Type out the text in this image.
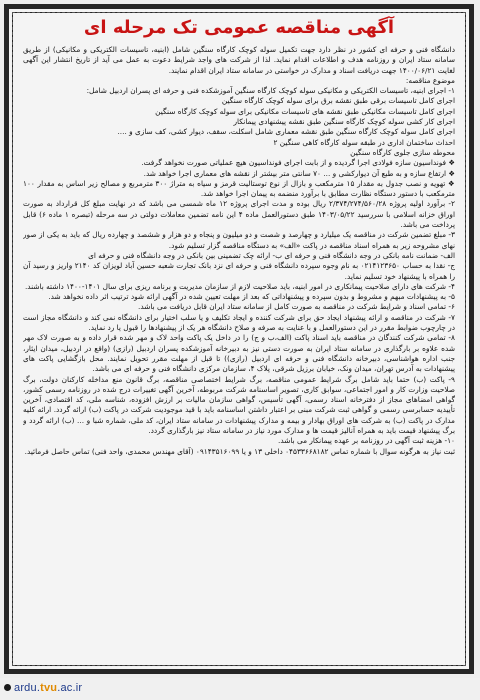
آگهی مناقصه عمومی تک مرحله ای

دانشگاه فنی و حرفه ای کشور در نظر دارد جهت تکمیل سوله کوچک کارگاه سنگین شامل (ابنیه، تاسیسات الکتریکی و مکانیکی) از طریق سامانه ستاد ایران و روزنامه هدف و اطلاعات اقدام نماید. لذا از شرکت های واجد شرایط دعوت به عمل می آید از تاریخ انتشار این آگهی لغایت ۱۴۰۰/۰۶/۲۱ جهت دریافت اسناد و مدارک در خواستی در سامانه ستاد ایران اقدام نمایند.

موضوع مناقصه:

۱- اجرای ابنیه، تاسیسات الکتریکی و مکانیکی سوله کوچک کارگاه سنگین آموزشکده فنی و حرفه ای پسران اردبیل شامل:

اجرای کامل تاسیسات برقی طبق نقشه برق برای سوله کوچک کارگاه سنگین

اجرای کامل تاسیسات مکانیکی طبق نقشه های تاسیسات مکانیکی برای سوله کوچک کارگاه سنگین

اجرای کار کشی سوله کوچک کارگاه سنگین طبق نقشه پیشنهادی پیمانکار

اجرای کامل سوله کوچک کارگاه سنگین طبق نقشه معماری شامل اسکلت، سقف، دیوار کشی، کف سازی و ....

احداث ساختمان اداری در طبقه سوله کارگاه کاهی سنگین ۲

محوطه سازی جلوی کارگاه سنگین

❖ فونداسیون سازه فولادی اجرا گردیده و از بابت اجرای فونداسیون هیچ عملیاتی صورت نخواهد گرفت.

❖ ارتفاع سازه و به طبع آن دیوارکشی و ... ۷۰ سانتی متر بیشتر از نقشه های معماری اجرا خواهد شد.

❖ تهویه و نصب جدول به مقدار ۱۵ مترمکعب و بازال از نوع توستالیت قرمز و سیاه به متراژ ۳۰۰ مترمربع و مصالح زیر اساس به مقدار ۱۰۰ مترمکعب با دستور دستگاه نظارت مطابق با برآورد منضمه به پیمان اجرا خواهد شد.

۲- برآورد اولیه پروژه ۲/۳۷۴/۲۷۴/۵۶۰/۲۸ ریال بوده و مدت اجرای پروژه ۱۲ ماه شمسی می باشد که در نهایت مبلغ کل قرارداد به صورت اوراق خزانه اسلامی با سررسید ۱۴۰۳/۰۵/۲۲ طبق دستورالعمل ماده ۴ این نامه تضمین معاملات دولتی در سه مرحله (تبصره ۱ ماده ۶) قابل پرداخت می باشد.

۳- مبلغ تضمین شرکت در مناقصه یک میلیارد و چهارصد و شصت و دو میلیون و پنجاه و دو هزار و ششصد و چهارده ریال که باید به یکی از صور نهای مشروحه زیر به همراه اسناد مناقصه در پاکت «الف» به دستگاه مناقصه گزار تسلیم شود.

الف- ضمانت نامه بانکی در وجه دانشگاه فنی و حرفه ای ب- ارائه چک تضمینی بین بانکی در وجه دانشگاه فنی و حرفه ای

ج- نقدا به حساب ۰۲۱۴۱۲۳۶۵۰ به نام وجوه سپرده دانشگاه فنی و حرفه ای نزد بانک تجارت شعبه حسین آباد لویزان کد ۲۱۴۰ واریز و رسید آن را همراه با پیشنهاد خود تسلیم نماید.

۴- شرکت های دارای صلاحیت پیمانکاری در امور ابنیه، باید صلاحیت لازم از سازمان مدیریت و برنامه ریزی برای سال ۱۴۰۱-۱۴۰۰ داشته باشند.

۵- به پیشنهادات مبهم و مشروط و بدون سپرده و پیشنهاداتی که بعد از مهلت تعیین شده در آگهی ارائه شود ترتیب اثر داده نخواهد شد.

۶- تمامی اسناد و شرایط شرکت در مناقصه به صورت کامل از سامانه ستاد ایران قابل دریافت می باشد.

۷- شرکت در مناقصه و ارائه پیشنهاد ایجاد حق برای شرکت کننده و ایجاد تکلیف و یا سلب اختیار برای دانشگاه نمی کند و دانشگاه مجاز است در چارچوب ضوابط مقرر در این دستورالعمل و با عنایت به صرفه و صلاح دانشگاه هر یک از پیشنهادها را قبول یا رد نماید.

۸- تمامی شرکت کنندگان در مناقصه باید اسناد پاکت (الف،ب و ج) را در داخل یک پاکت واحد لاک و مهر شده قرار داده و به صورت لاک مهر شده علاوه بر بارگذاری در سامانه ستاد ایران به صورت دستی نیز به دبیرخانه آموزشکده پسران اردبیل (رازی) (واقع در اردبیل، میدان ایثار، جنب اداره هواشناسی، دبیرخانه دانشگاه فنی و حرفه ای اردبیل (رازی)) تا قبل از مهلت مقرر تحویل نمایند. محل بازگشایی پاکت های پیشنهادات به آدرس تهران، میدان ونک، خیابان برزیل شرقی، پلاک ۴، سازمان مرکزی دانشگاه فنی و حرفه ای می باشد.

۹- پاکت (ب) حتما باید شامل برگ شرایط عمومی مناقصه، برگ شرایط اختصاصی مناقصه، برگ قانون منع مداخله کارکنان دولت، برگ صلاحیت وزارت کار و امور اجتماعی، سوابق کاری، تصویر اساسنامه شرکت مربوطه، آخرین آگهی تغییرات درج شده در روزنامه رسمی کشور، گواهی امضاهای مجاز از دفترخانه اسناد رسمی، آگهی تأسیس، گواهی سازمان مالیات بر ارزش افزوده، شناسه ملی، کد اقتصادی، آخرین تأییدیه حسابرسی رسمی و گواهی ثبت شرکت مبنی بر اعتبار داشتن اساسنامه باید با قید موجودیت شرکت در پاکت (ب) ارائه گردد. ارائه کلیه مدارک در پاکت (ب) به شرکت های اوراق بهادار و بیمه و مدارک پیشنهادات در سامانه ستاد ایران، کد ملی، شماره شبا و ... (ب) ارائه گردد و برگ پیشنهاد قیمت باید به همراه آنالیز قیمت ها و مدارک مورد نیاز در سامانه ستاد نیز بارگذاری گردد.

۱۰- هزینه ثبت آگهی در روزنامه بر عهده پیمانکار می باشد.

ثبت نیاز به هرگونه سوال با شماره تماس ۰۴۵۳۳۶۶۸۱۸۲ داخلی ۱۳ و یا ۰۹۱۴۳۵۱۶۰۹۹ (آقای مهندس محمدی، واحد فنی) تماس حاصل فرمائید.

ardu.tvu.ac.ir
